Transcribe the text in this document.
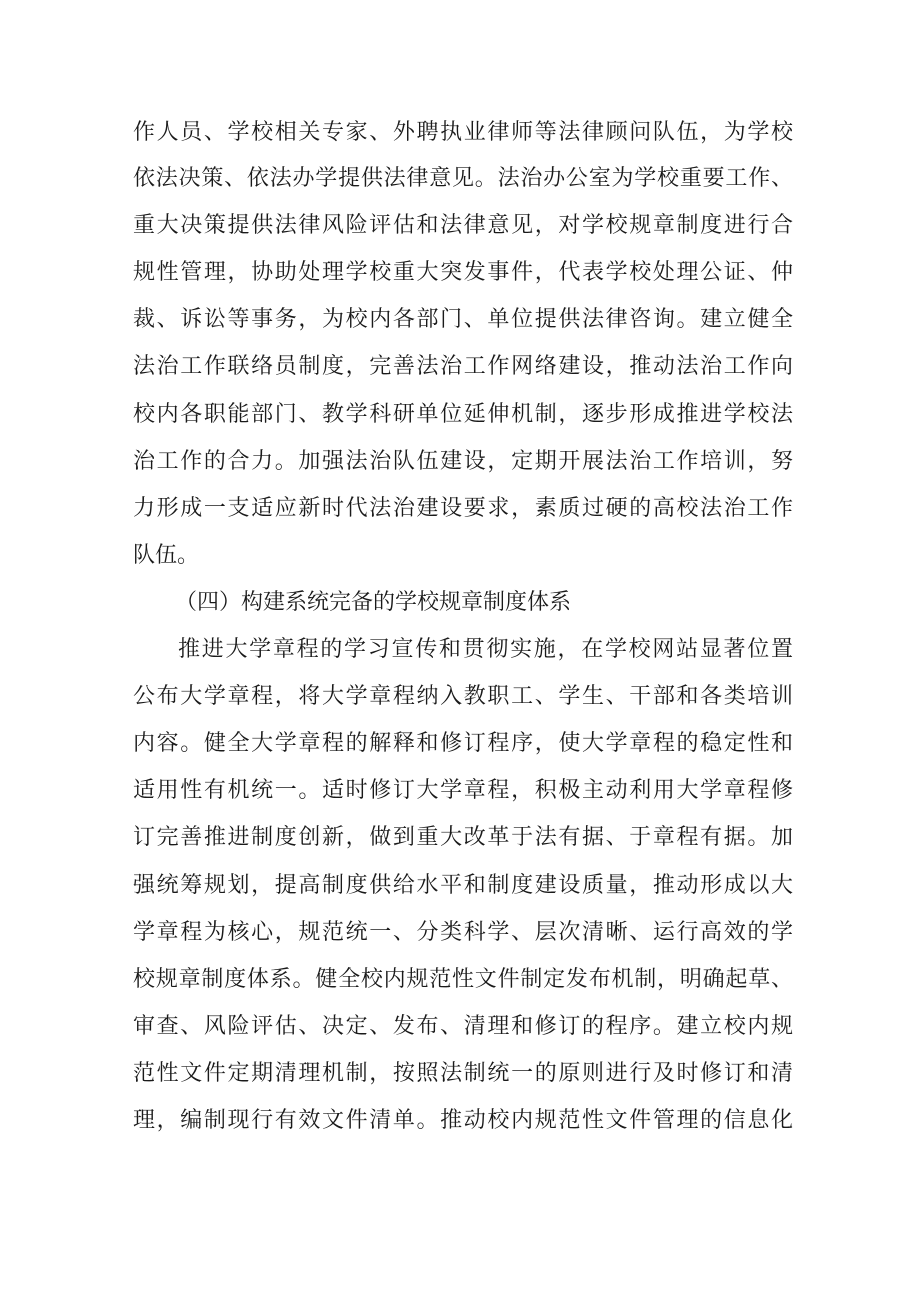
作人员、学校相关专家、外聘执业律师等法律顾问队伍，为学校
依法决策、依法办学提供法律意见。法治办公室为学校重要工作、
重大决策提供法律风险评估和法律意见，对学校规章制度进行合
规性管理，协助处理学校重大突发事件，代表学校处理公证、仲
裁、诉讼等事务，为校内各部门、单位提供法律咨询。建立健全
法治工作联络员制度，完善法治工作网络建设，推动法治工作向
校内各职能部门、教学科研单位延伸机制，逐步形成推进学校法
治工作的合力。加强法治队伍建设，定期开展法治工作培训，努
力形成一支适应新时代法治建设要求，素质过硬的高校法治工作
队伍。
（四）构建系统完备的学校规章制度体系
推进大学章程的学习宣传和贯彻实施，在学校网站显著位置
公布大学章程，将大学章程纳入教职工、学生、干部和各类培训
内容。健全大学章程的解释和修订程序，使大学章程的稳定性和
适用性有机统一。适时修订大学章程，积极主动利用大学章程修
订完善推进制度创新，做到重大改革于法有据、于章程有据。加
强统筹规划，提高制度供给水平和制度建设质量，推动形成以大
学章程为核心，规范统一、分类科学、层次清晰、运行高效的学
校规章制度体系。健全校内规范性文件制定发布机制，明确起草、
审查、风险评估、决定、发布、清理和修订的程序。建立校内规
范性文件定期清理机制，按照法制统一的原则进行及时修订和清
理，编制现行有效文件清单。推动校内规范性文件管理的信息化
